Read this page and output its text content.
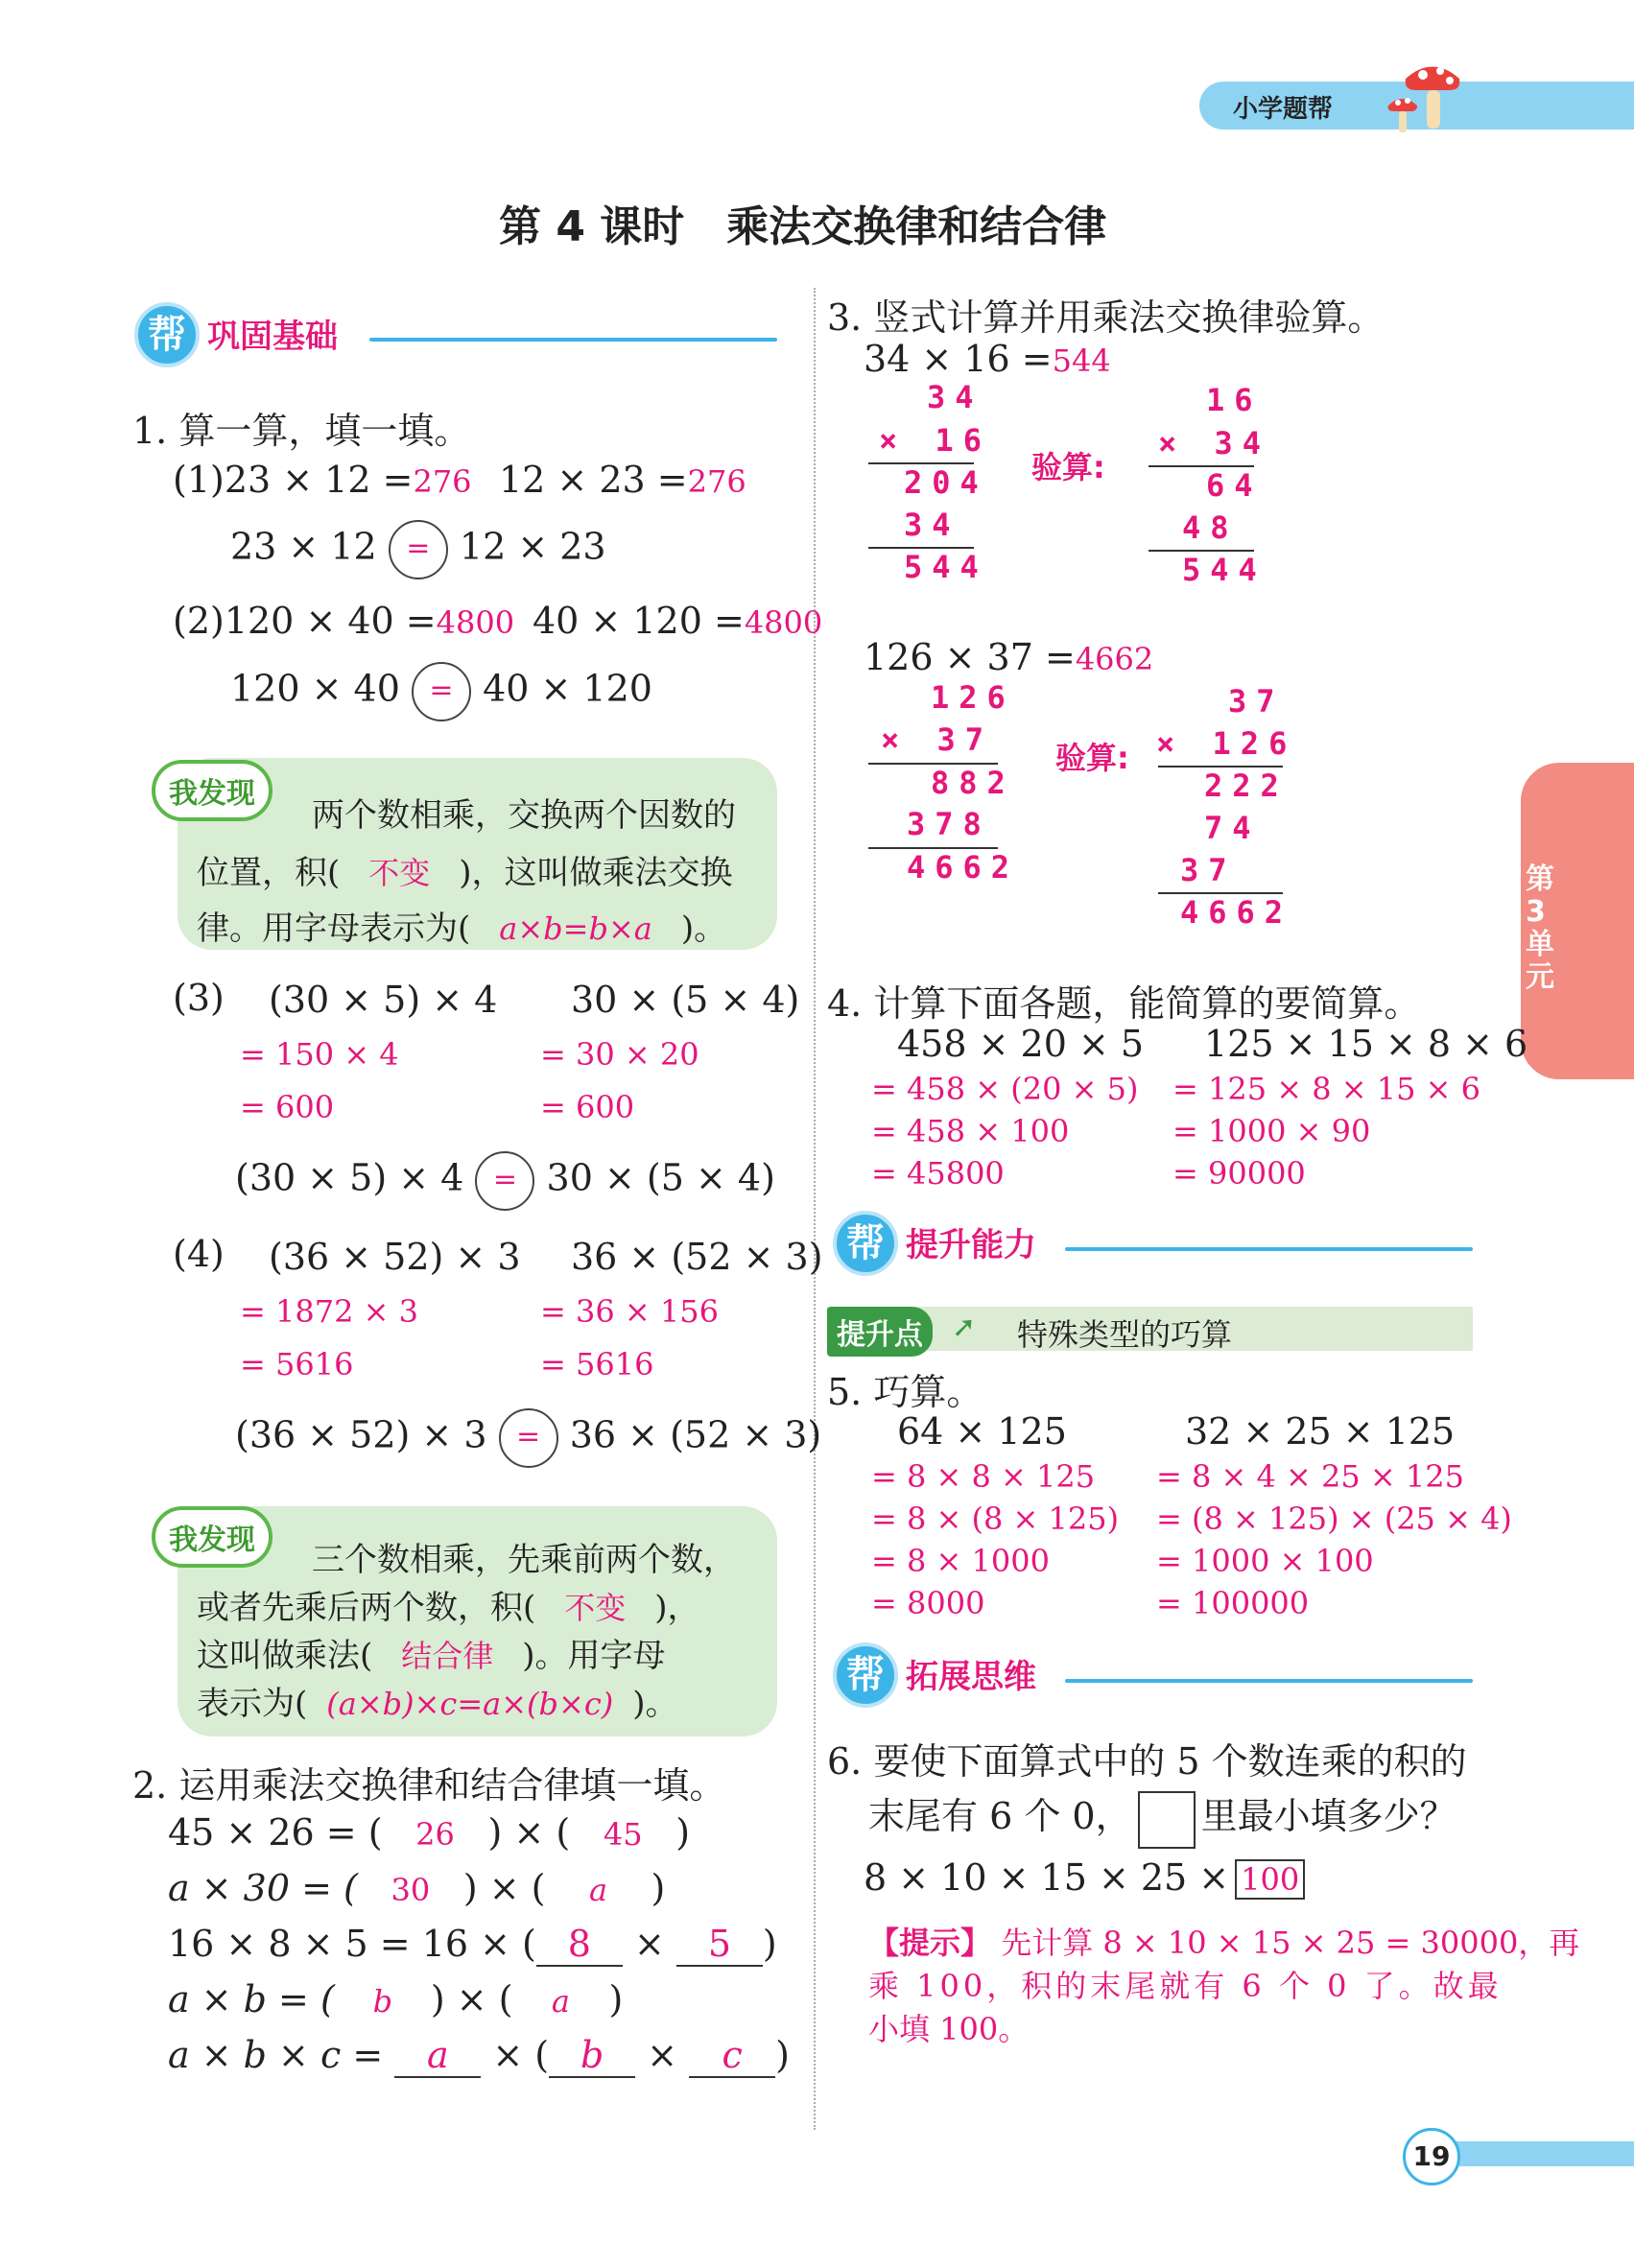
小学题帮
第 4 课时　乘法交换律和结合律
第3单元
帮 巩固基础
1. 算一算，填一填。
(1)23 × 12 =276 12 × 23 =276
23 × 12 = 12 × 23
(2)120 × 40 =4800 40 × 120 =4800
120 × 40 = 40 × 120
我发现
两个数相乘，交换两个因数的
位置，积( 不变 )，这叫做乘法交换
律。用字母表示为( a×b=b×a )。
(3) (30 × 5) × 4 30 × (5 × 4)
= 150 × 4
= 600
= 30 × 20
= 600
(30 × 5) × 4 = 30 × (5 × 4)
(4) (36 × 52) × 3 36 × (52 × 3)
= 1872 × 3
= 5616
= 36 × 156
= 5616
(36 × 52) × 3 = 36 × (52 × 3)
我发现
三个数相乘，先乘前两个数，
或者先乘后两个数，积( 不变 )，
这叫做乘法( 结合律 )。用字母
表示为( (a×b)×c=a×(b×c) )。
2. 运用乘法交换律和结合律填一填。
45 × 26 = ( 26 ) × ( 45 )
a × 30 = ( 30 ) × ( a )
16 × 8 × 5 = 16 × ( 8 × 5 )
a × b = ( b ) × ( a )
a × b × c = a × ( b × c )
3. 竖式计算并用乘法交换律验算。
34 × 16 =544
34
× 16
204
34
544
验算:
16
× 34
64
48
544
126 × 37 =4662
126
× 37
882
378
4662
验算:
37
× 126
222
74
37
4662
4. 计算下面各题，能简算的要简算。
458 × 20 × 5 125 × 15 × 8 × 6
= 458 × (20 × 5)
= 458 × 100
= 45800
= 125 × 8 × 15 × 6
= 1000 × 90
= 90000
帮 提升能力
提升点	➚ 特殊类型的巧算
5. 巧算。
64 × 125	32 × 25 × 125
= 8 × 8 × 125
= 8 × (8 × 125)
= 8 × 1000
= 8000
= 8 × 4 × 25 × 125
= (8 × 125) × (25 × 4)
= 1000 × 100
= 100000
帮 拓展思维
6. 要使下面算式中的 5 个数连乘的积的
末尾有 6 个 0， 里最小填多少？
8 × 10 × 15 × 25 × 100
【提示】 先计算 8 × 10 × 15 × 25 = 30000，再
乘 100，积的末尾就有 6 个 0 了。故最
小填 100。
19
